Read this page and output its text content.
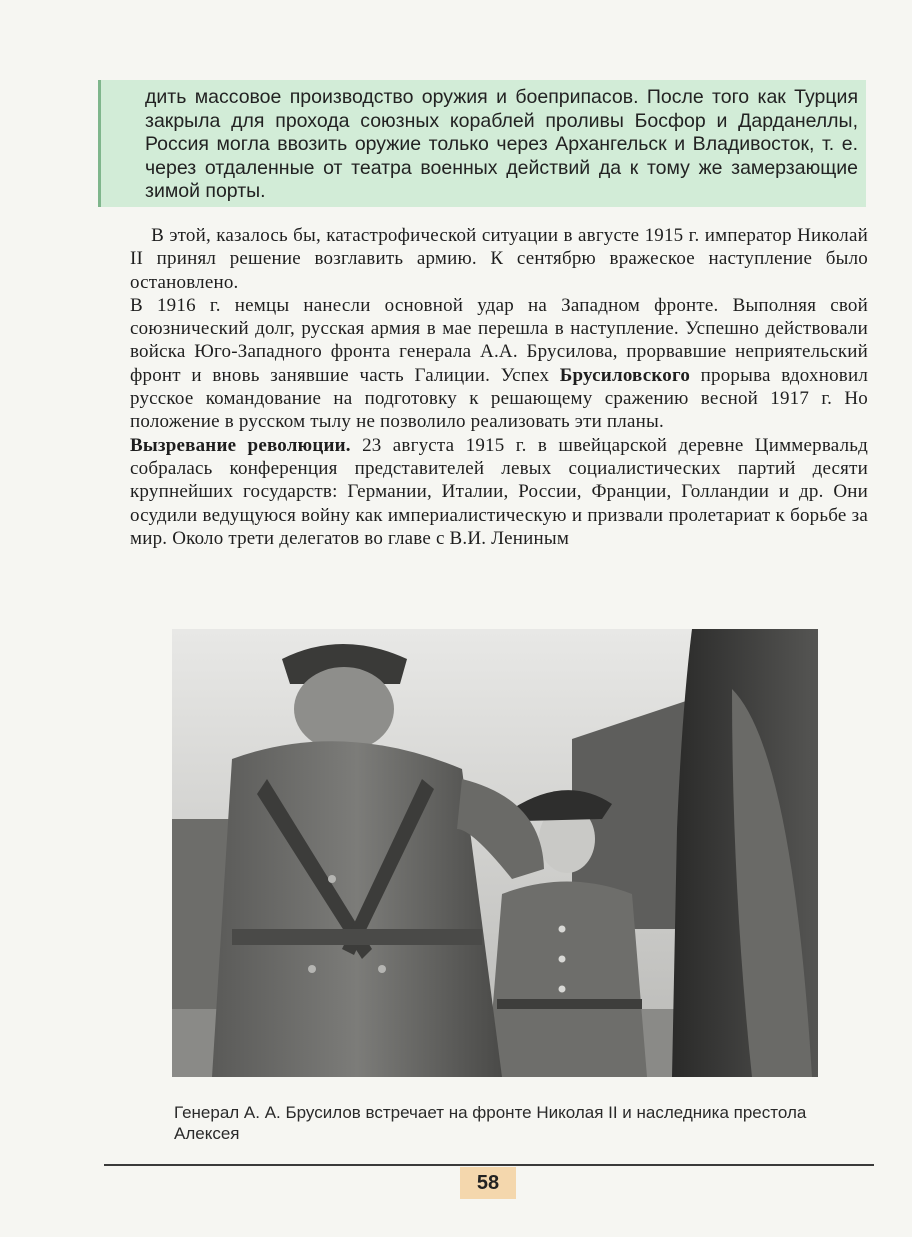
дить массовое производство оружия и боеприпасов. После того как Турция закрыла для прохода союзных кораблей проливы Босфор и Дарданеллы, Россия могла ввозить оружие только через Архангельск и Владивосток, т. е. через отдаленные от театра военных действий да к тому же замерзающие зимой порты.

В этой, казалось бы, катастрофической ситуации в августе 1915 г. император Николай II принял решение возглавить армию. К сентябрю вражеское наступление было остановлено.

В 1916 г. немцы нанесли основной удар на Западном фронте. Выполняя свой союзнический долг, русская армия в мае перешла в наступление. Успешно действовали войска Юго-Западного фронта генерала А.А. Брусилова, прорвавшие неприятельский фронт и вновь занявшие часть Галиции. Успех Брусиловского прорыва вдохновил русское командование на подготовку к решающему сражению весной 1917 г. Но положение в русском тылу не позволило реализовать эти планы.

Вызревание революции. 23 августа 1915 г. в швейцарской деревне Циммервальд собралась конференция представителей левых социалистических партий десяти крупнейших государств: Германии, Италии, России, Франции, Голландии и др. Они осудили ведущуюся войну как империалистическую и призвали пролетариат к борьбе за мир. Около трети делегатов во главе с В.И. Лениным

Генерал А. А. Брусилов встречает на фронте Николая II и наследника престола Алексея
58
